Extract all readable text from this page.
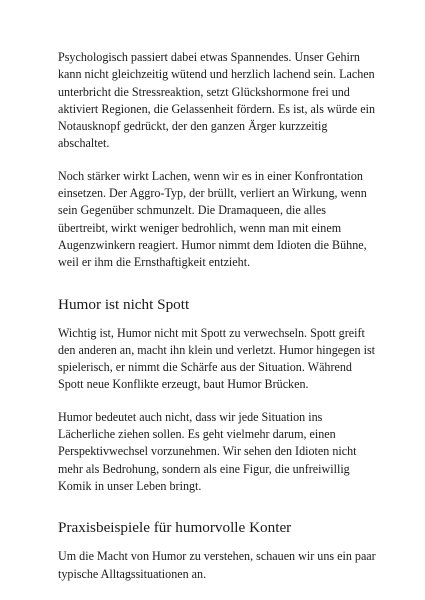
Psychologisch passiert dabei etwas Spannendes. Unser Gehirn kann nicht gleichzeitig wütend und herzlich lachend sein. Lachen unterbricht die Stressreaktion, setzt Glückshormone frei und aktiviert Regionen, die Gelassenheit fördern. Es ist, als würde ein Notausknopf gedrückt, der den ganzen Ärger kurzzeitig abschaltet.

Noch stärker wirkt Lachen, wenn wir es in einer Konfrontation einsetzen. Der Aggro-Typ, der brüllt, verliert an Wirkung, wenn sein Gegenüber schmunzelt. Die Dramaqueen, die alles übertreibt, wirkt weniger bedrohlich, wenn man mit einem Augenzwinkern reagiert. Humor nimmt dem Idioten die Bühne, weil er ihm die Ernsthaftigkeit entzieht.

Humor ist nicht Spott

Wichtig ist, Humor nicht mit Spott zu verwechseln. Spott greift den anderen an, macht ihn klein und verletzt. Humor hingegen ist spielerisch, er nimmt die Schärfe aus der Situation. Während Spott neue Konflikte erzeugt, baut Humor Brücken.

Humor bedeutet auch nicht, dass wir jede Situation ins Lächerliche ziehen sollen. Es geht vielmehr darum, einen Perspektivwechsel vorzunehmen. Wir sehen den Idioten nicht mehr als Bedrohung, sondern als eine Figur, die unfreiwillig Komik in unser Leben bringt.

Praxisbeispiele für humorvolle Konter

Um die Macht von Humor zu verstehen, schauen wir uns ein paar typische Alltagssituationen an.
